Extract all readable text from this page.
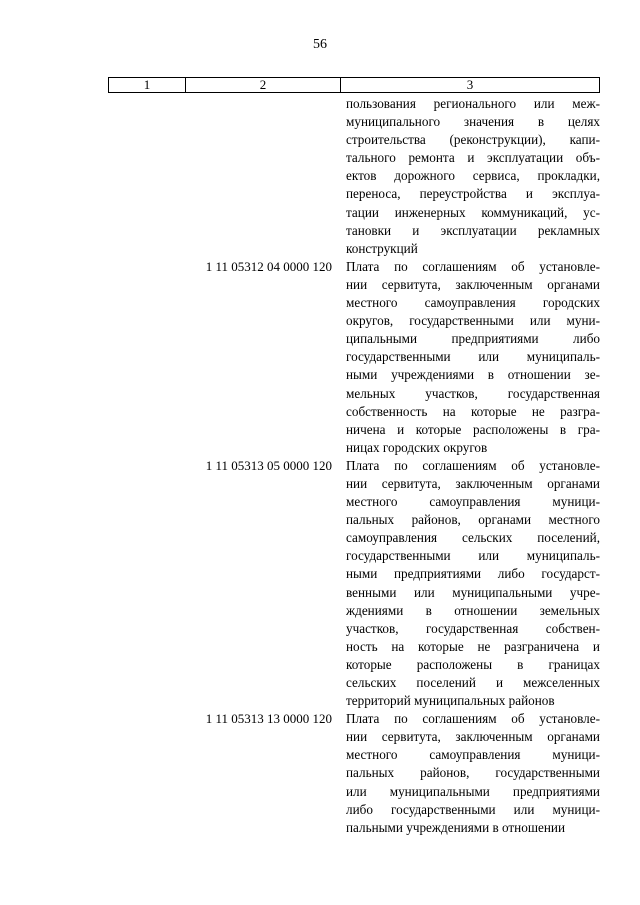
56
1	2	3
пользования регионального или меж-
муниципального значения в целях
строительства (реконструкции), капи-
тального ремонта и эксплуатации объ-
ектов дорожного сервиса, прокладки,
переноса, переустройства и эксплуа-
тации инженерных коммуникаций, ус-
тановки и эксплуатации рекламных
конструкций
1 11 05312 04 0000 120	Плата по соглашениям об установле-
нии сервитута, заключенным органами
местного самоуправления городских
округов, государственными или муни-
ципальными предприятиями либо
государственными или муниципаль-
ными учреждениями в отношении зе-
мельных участков, государственная
собственность на которые не разгра-
ничена и которые расположены в гра-
ницах городских округов
1 11 05313 05 0000 120	Плата по соглашениям об установле-
нии сервитута, заключенным органами
местного самоуправления муници-
пальных районов, органами местного
самоуправления сельских поселений,
государственными или муниципаль-
ными предприятиями либо государст-
венными или муниципальными учре-
ждениями в отношении земельных
участков, государственная собствен-
ность на которые не разграничена и
которые расположены в границах
сельских поселений и межселенных
территорий муниципальных районов
1 11 05313 13 0000 120	Плата по соглашениям об установле-
нии сервитута, заключенным органами
местного самоуправления муници-
пальных районов, государственными
или муниципальными предприятиями
либо государственными или муници-
пальными учреждениями в отношении
